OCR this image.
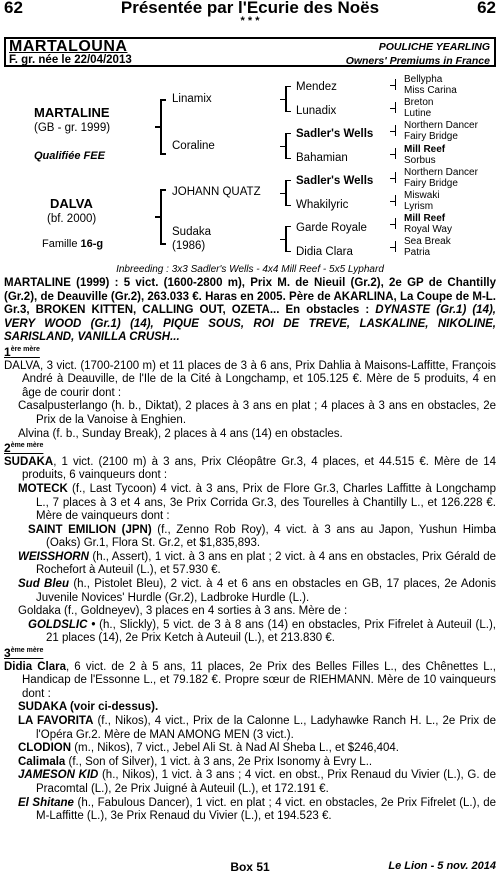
62	Présentée par l'Ecurie des Noës	62
* * *
MARTALOUNA
F. gr. née le 22/04/2013
POULICHE YEARLING
Owners' Premiums in France
MARTALINE
(GB - gr. 1999)
Qualifiée FEE
DALVA
(bf. 2000)
Famille 16-g
Linamix
Coraline
JOHANN QUATZ
Sudaka
(1986)
Mendez
Lunadix
Sadler's Wells
Bahamian
Sadler's Wells
Whakilyric
Garde Royale
Didia Clara
Bellypha
Miss Carina
Breton
Lutine
Northern Dancer
Fairy Bridge
Mill Reef
Sorbus
Northern Dancer
Fairy Bridge
Miswaki
Lyrism
Mill Reef
Royal Way
Sea Break
Patria
Inbreeding : 3x3 Sadler's Wells - 4x4 Mill Reef - 5x5 Lyphard

MARTALINE (1999) : 5 vict. (1600-2800 m), Prix M. de Nieuil (Gr.2), 2e GP de Chantilly (Gr.2), de Deauville (Gr.2), 263.033 €. Haras en 2005. Père de AKARLINA, La Coupe de M-L. Gr.3, BROKEN KITTEN, CALLING OUT, OZETA... En obstacles : DYNASTE (Gr.1) (14), VERY WOOD (Gr.1) (14), PIQUE SOUS, ROI DE TREVE, LASKALINE, NIKOLINE, SARISLAND, VANILLA CRUSH...

$1^{ère mère}$

DALVA, 3 vict. (1700-2100 m) et 11 places de 3 à 6 ans, Prix Dahlia à Maisons-Laffitte, François André à Deauville, de l'Ile de la Cité à Longchamp, et 105.125 €. Mère de 5 produits, 4 en âge de courir dont :

Casalpusterlango (h. b., Diktat), 2 places à 3 ans en plat ; 4 places à 3 ans en obstacles, 2e Prix de la Vanoise à Enghien.

Alvina (f. b., Sunday Break), 2 places à 4 ans (14) en obstacles.

$2^{ème mère}$

SUDAKA, 1 vict. (2100 m) à 3 ans, Prix Cléopâtre Gr.3, 4 places, et 44.515 €. Mère de 14 produits, 6 vainqueurs dont :

MOTECK (f., Last Tycoon) 4 vict. à 3 ans, Prix de Flore Gr.3, Charles Laffitte à Longchamp L., 7 places à 3 et 4 ans, 3e Prix Corrida Gr.3, des Tourelles à Chantilly L., et 126.228 €. Mère de vainqueurs dont :

SAINT EMILION (JPN) (f., Zenno Rob Roy), 4 vict. à 3 ans au Japon, Yushun Himba (Oaks) Gr.1, Flora St. Gr.2, et $1,835,893.

WEISSHORN (h., Assert), 1 vict. à 3 ans en plat ; 2 vict. à 4 ans en obstacles, Prix Gérald de Rochefort à Auteuil (L.), et 57.930 €.

Sud Bleu (h., Pistolet Bleu), 2 vict. à 4 et 6 ans en obstacles en GB, 17 places, 2e Adonis Juvenile Novices' Hurdle (Gr.2), Ladbroke Hurdle (L.).

Goldaka (f., Goldneyev), 3 places en 4 sorties à 3 ans. Mère de :

GOLDSLIC • (h., Slickly), 5 vict. de 3 à 8 ans (14) en obstacles, Prix Fifrelet à Auteuil (L.), 21 places (14), 2e Prix Ketch à Auteuil (L.), et 213.830 €.

$3^{ème mère}$

Didia Clara, 6 vict. de 2 à 5 ans, 11 places, 2e Prix des Belles Filles L., des Chênettes L., Handicap de l'Essonne L., et 79.182 €. Propre sœur de RIEHMANN. Mère de 10 vainqueurs dont :

SUDAKA (voir ci-dessus).

LA FAVORITA (f., Nikos), 4 vict., Prix de la Calonne L., Ladyhawke Ranch H. L., 2e Prix de l'Opéra Gr.2. Mère de MAN AMONG MEN (3 vict.).

CLODION (m., Nikos), 7 vict., Jebel Ali St. à Nad Al Sheba L., et $246,404.

Calimala (f., Son of Silver), 1 vict. à 3 ans, 2e Prix Isonomy à Evry L..

JAMESON KID (h., Nikos), 1 vict. à 3 ans ; 4 vict. en obst., Prix Renaud du Vivier (L.), G. de Pracomtal (L.), 2e Prix Juigné à Auteuil (L.), et 172.191 €.

El Shitane (h., Fabulous Dancer), 1 vict. en plat ; 4 vict. en obstacles, 2e Prix Fifrelet (L.), de M-Laffitte (L.), 3e Prix Renaud du Vivier (L.), et 194.523 €.

Box 51	Le Lion - 5 nov. 2014
